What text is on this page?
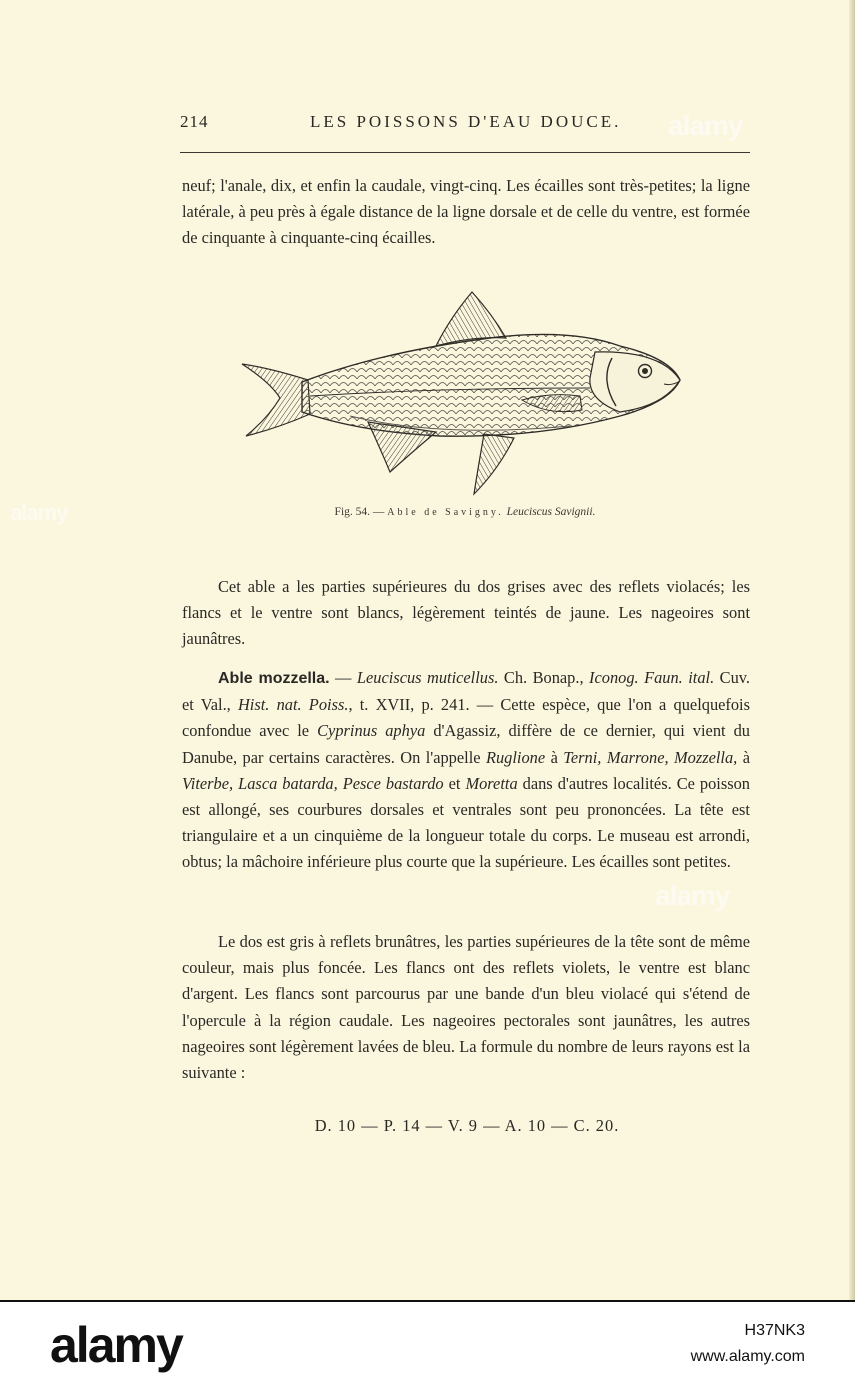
214	LES POISSONS D'EAU DOUCE.
neuf; l'anale, dix, et enfin la caudale, vingt-cinq. Les écailles sont très-petites; la ligne latérale, à peu près à égale distance de la ligne dorsale et de celle du ventre, est formée de cinquante à cinquante-cinq écailles.
Fig. 54. — Able de Savigny. Leuciscus Savignii.
Cet able a les parties supérieures du dos grises avec des reflets violacés; les flancs et le ventre sont blancs, légèrement teintés de jaune. Les nageoires sont jaunâtres.
Able mozzella. — Leuciscus muticellus. Ch. Bonap., Iconog. Faun. ital. Cuv. et Val., Hist. nat. Poiss., t. XVII, p. 241. — Cette espèce, que l'on a quelquefois confondue avec le Cyprinus aphya d'Agassiz, diffère de ce dernier, qui vient du Danube, par certains caractères. On l'appelle Ruglione à Terni, Marrone, Mozzella, à Viterbe, Lasca batarda, Pesce bastardo et Moretta dans d'autres localités. Ce poisson est allongé, ses courbures dorsales et ventrales sont peu prononcées. La tête est triangulaire et a un cinquième de la longueur totale du corps. Le museau est arrondi, obtus; la mâchoire inférieure plus courte que la supérieure. Les écailles sont petites.
Le dos est gris à reflets brunâtres, les parties supérieures de la tête sont de même couleur, mais plus foncée. Les flancs ont des reflets violets, le ventre est blanc d'argent. Les flancs sont parcourus par une bande d'un bleu violacé qui s'étend de l'opercule à la région caudale. Les nageoires pectorales sont jaunâtres, les autres nageoires sont légèrement lavées de bleu. La formule du nombre de leurs rayons est la suivante :
D. 10 — P. 14 — V. 9 — A. 10 — C. 20.
alamy
alamy
alamy
alamy	H37NK3
www.alamy.com
